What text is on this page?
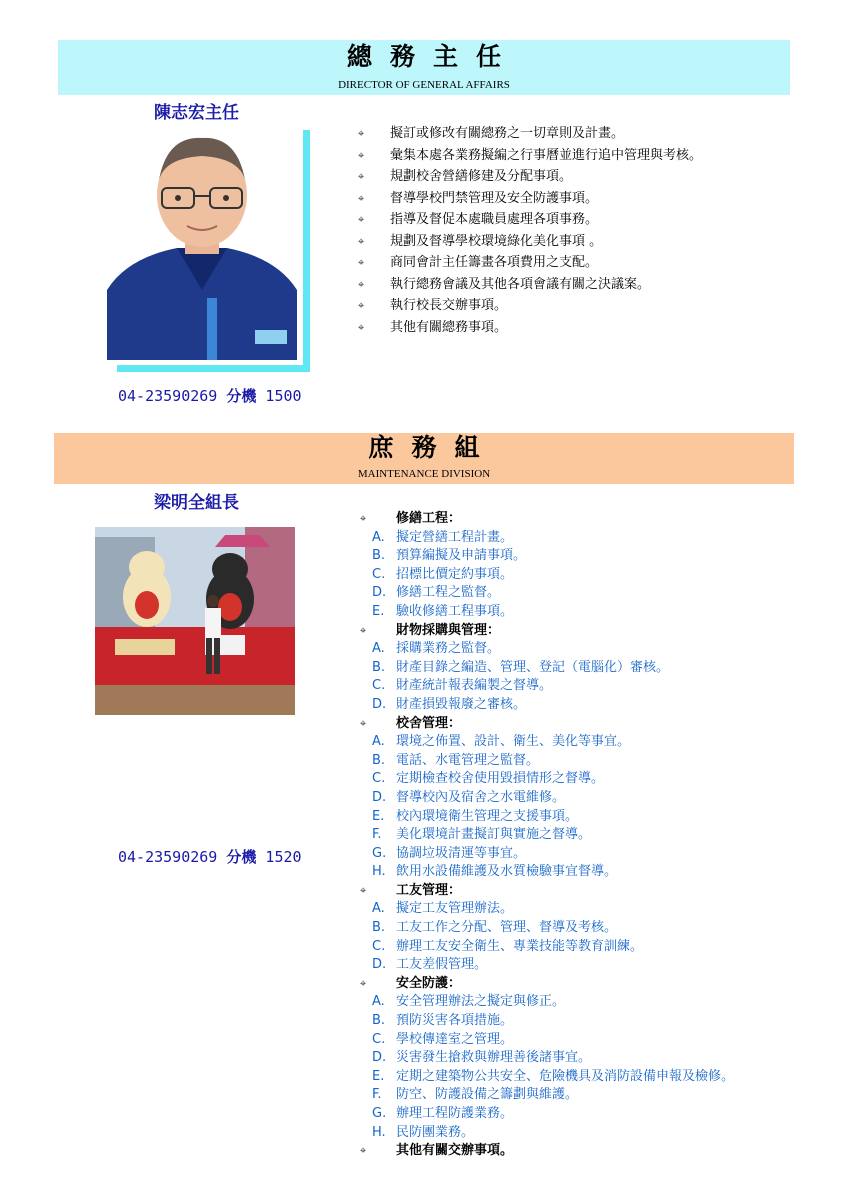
總務主任
DIRECTOR OF GENERAL AFFAIRS
陳志宏主任
04-23590269 分機 1500
⌖ 擬訂或修改有關總務之一切章則及計畫。
⌖ 彙集本處各業務擬編之行事曆並進行追中管理與考核。
⌖ 規劃校舍營繕修建及分配事項。
⌖ 督導學校門禁管理及安全防護事項。
⌖ 指導及督促本處職員處理各項事務。
⌖ 規劃及督導學校環境綠化美化事項 。
⌖ 商同會計主任籌畫各項費用之支配。
⌖ 執行總務會議及其他各項會議有關之決議案。
⌖ 執行校長交辦事項。
⌖ 其他有關總務事項。
庶務組
MAINTENANCE DIVISION
梁明全組長
04-23590269 分機 1520
⌖ 修繕工程：
A. 擬定營繕工程計畫。
B. 預算編擬及申請事項。
C. 招標比價定約事項。
D. 修繕工程之監督。
E. 驗收修繕工程事項。
⌖ 財物採購與管理：
A. 採購業務之監督。
B. 財產目錄之編造、管理、登記（電腦化）審核。
C. 財產統計報表編製之督導。
D. 財產損毀報廢之審核。
⌖ 校舍管理：
A. 環境之佈置、設計、衛生、美化等事宜。
B. 電話、水電管理之監督。
C. 定期檢查校舍使用毀損情形之督導。
D. 督導校內及宿舍之水電維修。
E. 校內環境衛生管理之支援事項。
F. 美化環境計畫擬訂與實施之督導。
G. 協調垃圾清運等事宜。
H. 飲用水設備維護及水質檢驗事宜督導。
⌖ 工友管理：
A. 擬定工友管理辦法。
B. 工友工作之分配、管理、督導及考核。
C. 辦理工友安全衛生、專業技能等教育訓練。
D. 工友差假管理。
⌖ 安全防護：
A. 安全管理辦法之擬定與修正。
B. 預防災害各項措施。
C. 學校傳達室之管理。
D. 災害發生搶救與辦理善後諸事宜。
E. 定期之建築物公共安全、危險機具及消防設備申報及檢修。
F. 防空、防護設備之籌劃與維護。
G. 辦理工程防護業務。
H. 民防團業務。
⌖ 其他有關交辦事項。
